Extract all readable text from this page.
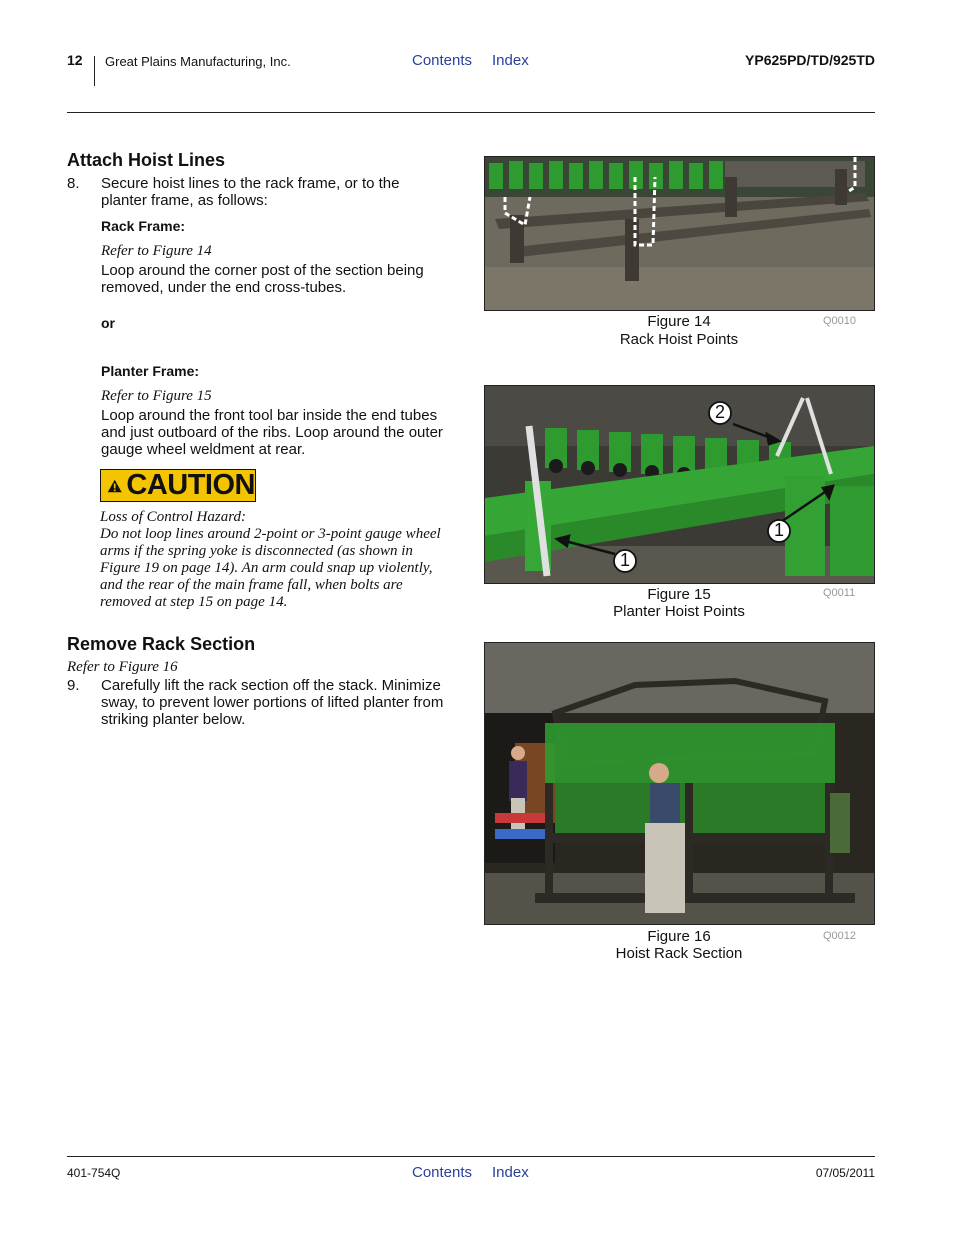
12 Great Plains Manufacturing, Inc.	Contents Index	YP625PD/TD/925TD
Attach Hoist Lines
8. Secure hoist lines to the rack frame, or to the
planter frame, as follows:
Rack Frame:
Refer to Figure 14
Loop around the corner post of the section being
removed, under the end cross-tubes.
or
Planter Frame:
Refer to Figure 15
Loop around the front tool bar inside the end tubes
and just outboard of the ribs. Loop around the outer
gauge wheel weldment at rear.
CAUTION
Loss of Control Hazard:
Do not loop lines around 2-point or 3-point gauge wheel
arms if the spring yoke is disconnected (as shown in
Figure 19 on page 14). An arm could snap up violently,
and the rear of the main frame fall, when bolts are
removed at step 15 on page 14.
Remove Rack Section
Refer to Figure 16
9. Carefully lift the rack section off the stack. Minimize
sway, to prevent lower portions of lifted planter from
striking planter below.
Figure 14
Rack Hoist Points
Q0010
1
1
2
Figure 15
Planter Hoist Points
Q0011
Figure 16
Hoist Rack Section
Q0012
401-754Q	Contents Index	07/05/2011
